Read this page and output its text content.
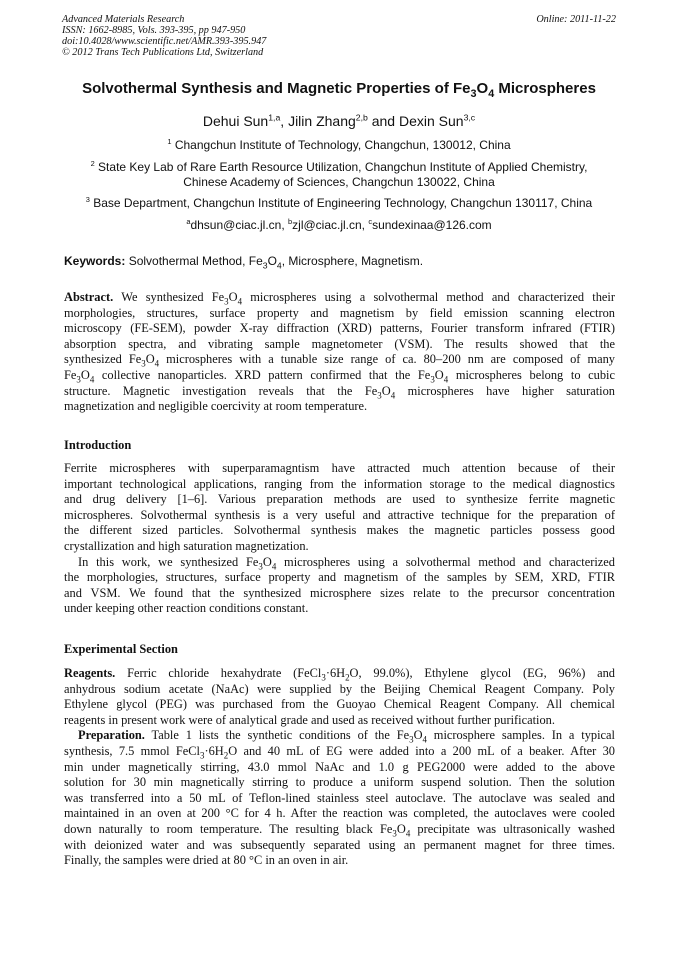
Advanced Materials Research
ISSN: 1662-8985, Vols. 393-395, pp 947-950
doi:10.4028/www.scientific.net/AMR.393-395.947
© 2012 Trans Tech Publications Ltd, Switzerland
Online: 2011-11-22
Solvothermal Synthesis and Magnetic Properties of $Fe_3O_4$ Microspheres
Dehui Sun$^{1,a}$, Jilin Zhang$^{2,b}$ and Dexin Sun$^{3,c}$
$^1$ Changchun Institute of Technology, Changchun, 130012, China
$^2$ State Key Lab of Rare Earth Resource Utilization, Changchun Institute of Applied Chemistry,
Chinese Academy of Sciences, Changchun 130022, China
$^3$ Base Department, Changchun Institute of Engineering Technology, Changchun 130117, China
$^a$dhsun@ciac.jl.cn, $^b$zjl@ciac.jl.cn, $^c$sundexinaa@126.com
Keywords: Solvothermal Method, $Fe_3O_4$, Microsphere, Magnetism.
Abstract. We synthesized $Fe_3O_4$ microspheres using a solvothermal method and characterized their
morphologies, structures, surface property and magnetism by field emission scanning electron
microscopy (FE-SEM), powder X-ray diffraction (XRD) patterns, Fourier transform infrared (FTIR)
absorption spectra, and vibrating sample magnetometer (VSM). The results showed that the
synthesized $Fe_3O_4$ microspheres with a tunable size range of ca. 80–200 nm are composed of many
$Fe_3O_4$ collective nanoparticles. XRD pattern confirmed that the $Fe_3O_4$ microspheres belong to cubic
structure. Magnetic investigation reveals that the $Fe_3O_4$ microspheres have higher saturation
magnetization and negligible coercivity at room temperature.
Introduction
Ferrite microspheres with superparamagntism have attracted much attention because of their
important technological applications, ranging from the information storage to the medical diagnostics
and drug delivery [1–6]. Various preparation methods are used to synthesize ferrite magnetic
microspheres. Solvothermal synthesis is a very useful and attractive technique for the preparation of
the different sized particles. Solvothermal synthesis makes the magnetic particles possess good
crystallization and high saturation magnetization.
In this work, we synthesized $Fe_3O_4$ microspheres using a solvothermal method and characterized
the morphologies, structures, surface property and magnetism of the samples by SEM, XRD, FTIR
and VSM. We found that the synthesized microsphere sizes relate to the precursor concentration
under keeping other reaction conditions constant.
Experimental Section
Reagents. Ferric chloride hexahydrate ($FeCl_3\cdot 6H_2O$, 99.0%), Ethylene glycol (EG, 96%) and
anhydrous sodium acetate (NaAc) were supplied by the Beijing Chemical Reagent Company. Poly
Ethylene glycol (PEG) was purchased from the Guoyao Chemical Reagent Company. All chemical
reagents in present work were of analytical grade and used as received without further purification.
Preparation. Table 1 lists the synthetic conditions of the $Fe_3O_4$ microsphere samples. In a typical
synthesis, 7.5 mmol $FeCl_3\cdot 6H_2O$ and 40 mL of EG were added into a 200 mL of a beaker. After 30
min under magnetically stirring, 43.0 mmol NaAc and 1.0 g PEG2000 were added to the above
solution for 30 min magnetically stirring to produce a uniform suspend solution. Then the solution
was transferred into a 50 mL of Teflon-lined stainless steel autoclave. The autoclave was sealed and
maintained in an oven at 200 °C for 4 h. After the reaction was completed, the autoclaves were cooled
down naturally to room temperature. The resulting black $Fe_3O_4$ precipitate was ultrasonically washed
with deionized water and was subsequently separated using an permanent magnet for three times.
Finally, the samples were dried at 80 °C in an oven in air.
